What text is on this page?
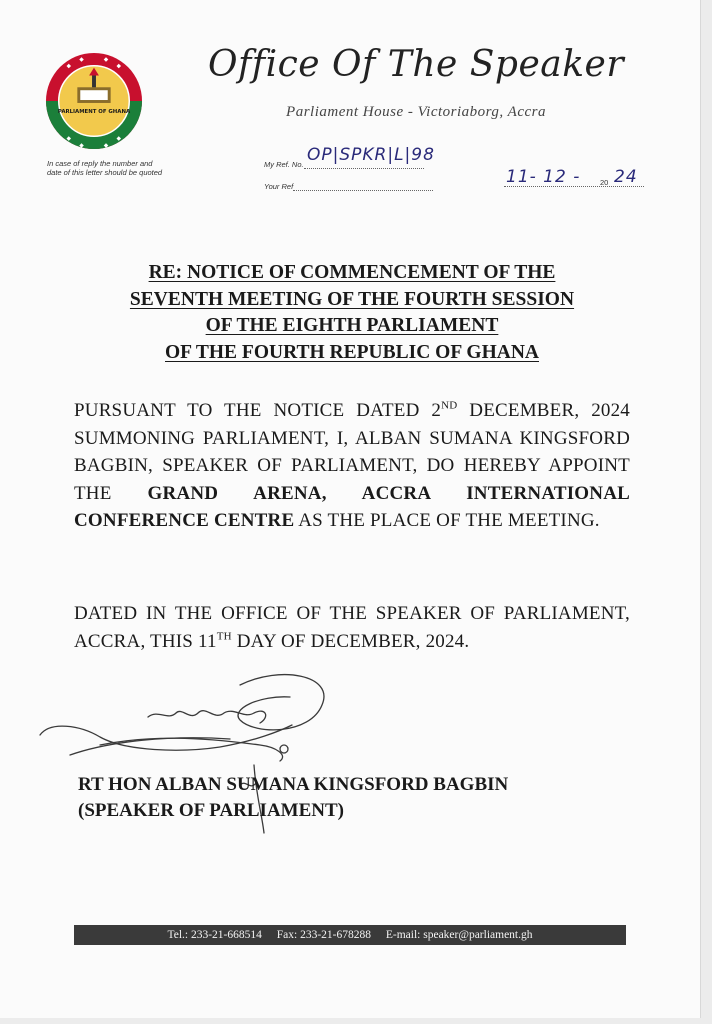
◆
◆	◆
◆
◆
◆	◆
◆
PARLIAMENT OF GHANA
In case of reply the number and date of this letter should be quoted
Office Of The Speaker
Parliament House - Victoriaborg, Accra
My Ref. No. OP|SPKR|L|98
Your Ref	11- 12 -	20 24
RE: NOTICE OF COMMENCEMENT OF THE
SEVENTH MEETING OF THE FOURTH SESSION
OF THE EIGHTH PARLIAMENT
OF THE FOURTH REPUBLIC OF GHANA
PURSUANT TO THE NOTICE DATED 2ND DECEMBER, 2024 SUMMONING PARLIAMENT, I, ALBAN SUMANA KINGSFORD BAGBIN, SPEAKER OF PARLIAMENT, DO HEREBY APPOINT THE GRAND ARENA, ACCRA INTERNATIONAL CONFERENCE CENTRE AS THE PLACE OF THE MEETING.
DATED IN THE OFFICE OF THE SPEAKER OF PARLIAMENT, ACCRA, THIS 11TH DAY OF DECEMBER, 2024.
RT HON ALBAN SUMANA KINGSFORD BAGBIN
(SPEAKER OF PARLIAMENT)
Tel.: 233-21-668514 Fax: 233-21-678288 E-mail: speaker@parliament.gh
